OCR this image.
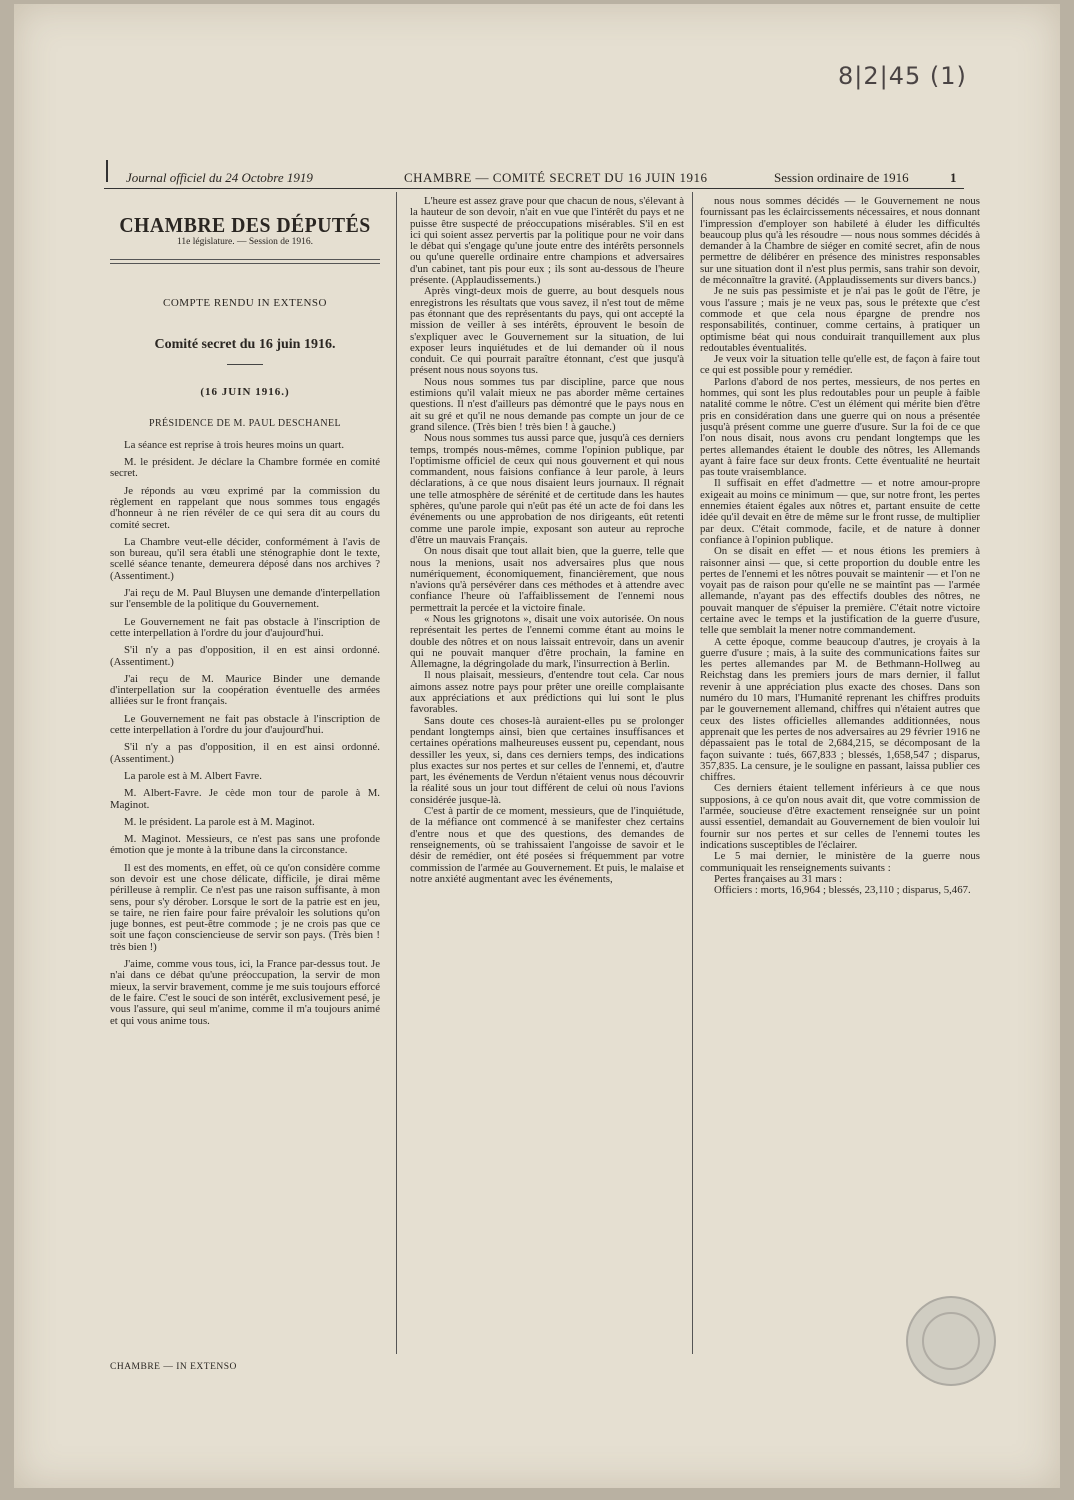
8|2|45 (1)
Journal officiel du 24 Octobre 1919	CHAMBRE — COMITÉ SECRET DU 16 JUIN 1916	Session ordinaire de 1916	1
CHAMBRE DES DÉPUTÉS
11e législature. — Session de 1916.
COMPTE RENDU IN EXTENSO
Comité secret du 16 juin 1916.
(16 JUIN 1916.)
PRÉSIDENCE DE M. PAUL DESCHANEL

La séance est reprise à trois heures moins un quart.

M. le président. Je déclare la Chambre formée en comité secret.

Je réponds au vœu exprimé par la commission du règlement en rappelant que nous sommes tous engagés d'honneur à ne rien révéler de ce qui sera dit au cours du comité secret.

La Chambre veut-elle décider, conformément à l'avis de son bureau, qu'il sera établi une sténographie dont le texte, scellé séance tenante, demeurera déposé dans nos archives ? (Assentiment.)

J'ai reçu de M. Paul Bluysen une demande d'interpellation sur l'ensemble de la politique du Gouvernement.

Le Gouvernement ne fait pas obstacle à l'inscription de cette interpellation à l'ordre du jour d'aujourd'hui.

S'il n'y a pas d'opposition, il en est ainsi ordonné. (Assentiment.)

J'ai reçu de M. Maurice Binder une demande d'interpellation sur la coopération éventuelle des armées alliées sur le front français.

Le Gouvernement ne fait pas obstacle à l'inscription de cette interpellation à l'ordre du jour d'aujourd'hui.

S'il n'y a pas d'opposition, il en est ainsi ordonné. (Assentiment.)

La parole est à M. Albert Favre.

M. Albert-Favre. Je cède mon tour de parole à M. Maginot.

M. le président. La parole est à M. Maginot.

M. Maginot. Messieurs, ce n'est pas sans une profonde émotion que je monte à la tribune dans la circonstance.

Il est des moments, en effet, où ce qu'on considère comme son devoir est une chose délicate, difficile, je dirai même périlleuse à remplir. Ce n'est pas une raison suffisante, à mon sens, pour s'y dérober. Lorsque le sort de la patrie est en jeu, se taire, ne rien faire pour faire prévaloir les solutions qu'on juge bonnes, est peut-être commode ; je ne crois pas que ce soit une façon consciencieuse de servir son pays. (Très bien ! très bien !)

J'aime, comme vous tous, ici, la France par-dessus tout. Je n'ai dans ce débat qu'une préoccupation, la servir de mon mieux, la servir bravement, comme je me suis toujours efforcé de le faire. C'est le souci de son intérêt, exclusivement pesé, je vous l'assure, qui seul m'anime, comme il m'a toujours animé et qui vous anime tous.

CHAMBRE — IN EXTENSO

L'heure est assez grave pour que chacun de nous, s'élevant à la hauteur de son devoir, n'ait en vue que l'intérêt du pays et ne puisse être suspecté de préoccupations misérables. S'il en est ici qui soient assez pervertis par la politique pour ne voir dans le débat qui s'engage qu'une joute entre des intérêts personnels ou qu'une querelle ordinaire entre champions et adversaires d'un cabinet, tant pis pour eux ; ils sont au-dessous de l'heure présente. (Applaudissements.)

Après vingt-deux mois de guerre, au bout desquels nous enregistrons les résultats que vous savez, il n'est tout de même pas étonnant que des représentants du pays, qui ont accepté la mission de veiller à ses intérêts, éprouvent le besoin de s'expliquer avec le Gouvernement sur la situation, de lui exposer leurs inquiétudes et de lui demander où il nous conduit. Ce qui pourrait paraître étonnant, c'est que jusqu'à présent nous nous soyons tus.

Nous nous sommes tus par discipline, parce que nous estimions qu'il valait mieux ne pas aborder même certaines questions. Il n'est d'ailleurs pas démontré que le pays nous en ait su gré et qu'il ne nous demande pas compte un jour de ce grand silence. (Très bien ! très bien ! à gauche.)

Nous nous sommes tus aussi parce que, jusqu'à ces derniers temps, trompés nous-mêmes, comme l'opinion publique, par l'optimisme officiel de ceux qui nous gouvernent et qui nous commandent, nous faisions confiance à leur parole, à leurs déclarations, à ce que nous disaient leurs journaux. Il régnait une telle atmosphère de sérénité et de certitude dans les hautes sphères, qu'une parole qui n'eût pas été un acte de foi dans les événements ou une approbation de nos dirigeants, eût retenti comme une parole impie, exposant son auteur au reproche d'être un mauvais Français.

On nous disait que tout allait bien, que la guerre, telle que nous la menions, usait nos adversaires plus que nous numériquement, économiquement, financièrement, que nous n'avions qu'à persévérer dans ces méthodes et à attendre avec confiance l'heure où l'affaiblissement de l'ennemi nous permettrait la percée et la victoire finale.

« Nous les grignotons », disait une voix autorisée. On nous représentait les pertes de l'ennemi comme étant au moins le double des nôtres et on nous laissait entrevoir, dans un avenir qui ne pouvait manquer d'être prochain, la famine en Allemagne, la dégringolade du mark, l'insurrection à Berlin.

Il nous plaisait, messieurs, d'entendre tout cela. Car nous aimons assez notre pays pour prêter une oreille complaisante aux appréciations et aux prédictions qui lui sont le plus favorables.

Sans doute ces choses-là auraient-elles pu se prolonger pendant longtemps ainsi, bien que certaines insuffisances et certaines opérations malheureuses eussent pu, cependant, nous dessiller les yeux, si, dans ces derniers temps, des indications plus exactes sur nos pertes et sur celles de l'ennemi, et, d'autre part, les événements de Verdun n'étaient venus nous découvrir la réalité sous un jour tout différent de celui où nous l'avions considérée jusque-là.

C'est à partir de ce moment, messieurs, que de l'inquiétude, de la méfiance ont commencé à se manifester chez certains d'entre nous et que des questions, des demandes de renseignements, où se trahissaient l'angoisse de savoir et le désir de remédier, ont été posées si fréquemment par votre commission de l'armée au Gouvernement. Et puis, le malaise et notre anxiété augmentant avec les événements,

nous nous sommes décidés — le Gouvernement ne nous fournissant pas les éclaircissements nécessaires, et nous donnant l'impression d'employer son habileté à éluder les difficultés beaucoup plus qu'à les résoudre — nous nous sommes décidés à demander à la Chambre de siéger en comité secret, afin de nous permettre de délibérer en présence des ministres responsables sur une situation dont il n'est plus permis, sans trahir son devoir, de méconnaître la gravité. (Applaudissements sur divers bancs.)

Je ne suis pas pessimiste et je n'ai pas le goût de l'être, je vous l'assure ; mais je ne veux pas, sous le prétexte que c'est commode et que cela nous épargne de prendre nos responsabilités, continuer, comme certains, à pratiquer un optimisme béat qui nous conduirait tranquillement aux plus redoutables éventualités.

Je veux voir la situation telle qu'elle est, de façon à faire tout ce qui est possible pour y remédier.

Parlons d'abord de nos pertes, messieurs, de nos pertes en hommes, qui sont les plus redoutables pour un peuple à faible natalité comme le nôtre. C'est un élément qui mérite bien d'être pris en considération dans une guerre qui on nous a présentée jusqu'à présent comme une guerre d'usure. Sur la foi de ce que l'on nous disait, nous avons cru pendant longtemps que les pertes allemandes étaient le double des nôtres, les Allemands ayant à faire face sur deux fronts. Cette éventualité ne heurtait pas toute vraisemblance.

Il suffisait en effet d'admettre — et notre amour-propre exigeait au moins ce minimum — que, sur notre front, les pertes ennemies étaient égales aux nôtres et, partant ensuite de cette idée qu'il devait en être de même sur le front russe, de multiplier par deux. C'était commode, facile, et de nature à donner confiance à l'opinion publique.

On se disait en effet — et nous étions les premiers à raisonner ainsi — que, si cette proportion du double entre les pertes de l'ennemi et les nôtres pouvait se maintenir — et l'on ne voyait pas de raison pour qu'elle ne se maintînt pas — l'armée allemande, n'ayant pas des effectifs doubles des nôtres, ne pouvait manquer de s'épuiser la première. C'était notre victoire certaine avec le temps et la justification de la guerre d'usure, telle que semblait la mener notre commandement.

A cette époque, comme beaucoup d'autres, je croyais à la guerre d'usure ; mais, à la suite des communications faites sur les pertes allemandes par M. de Bethmann-Hollweg au Reichstag dans les premiers jours de mars dernier, il fallut revenir à une appréciation plus exacte des choses. Dans son numéro du 10 mars, l'Humanité reprenant les chiffres produits par le gouvernement allemand, chiffres qui n'étaient autres que ceux des listes officielles allemandes additionnées, nous apprenait que les pertes de nos adversaires au 29 février 1916 ne dépassaient pas le total de 2,684,215, se décomposant de la façon suivante : tués, 667,833 ; blessés, 1,658,547 ; disparus, 357,835. La censure, je le souligne en passant, laissa publier ces chiffres.

Ces derniers étaient tellement inférieurs à ce que nous supposions, à ce qu'on nous avait dit, que votre commission de l'armée, soucieuse d'être exactement renseignée sur un point aussi essentiel, demandait au Gouvernement de bien vouloir lui fournir sur nos pertes et sur celles de l'ennemi toutes les indications susceptibles de l'éclairer.

Le 5 mai dernier, le ministère de la guerre nous communiquait les renseignements suivants :

Pertes françaises au 31 mars :

Officiers : morts, 16,964 ; blessés, 23,110 ; disparus, 5,467.
